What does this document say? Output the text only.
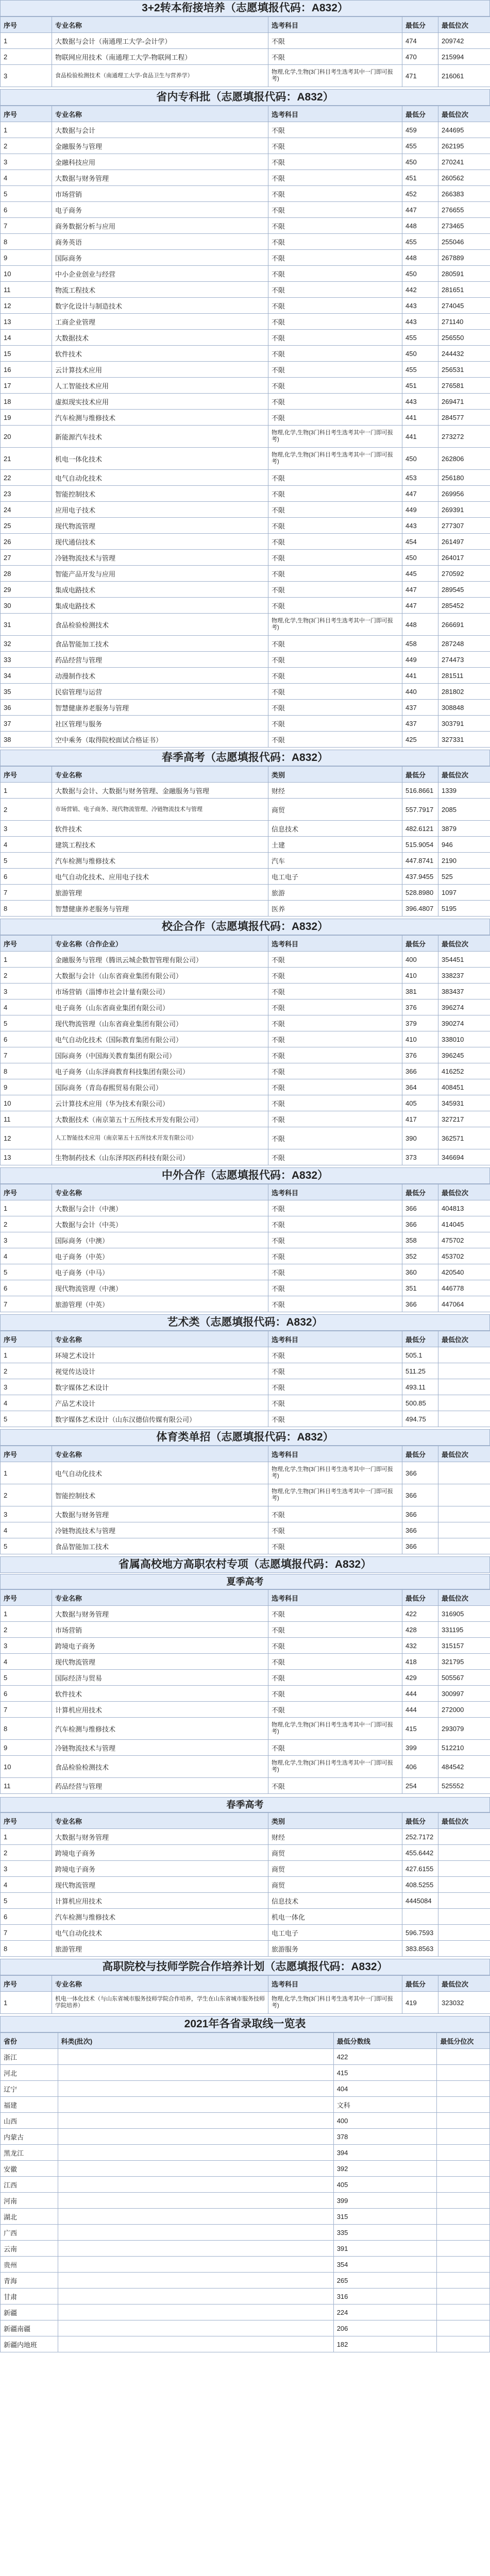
3+2转本衔接培养（志愿填报代码：A832）
序号	专业名称	选考科目	最低分	最低位次
1	大数据与会计（南通理工大学-会计学）	不限	474	209742
2	物联网应用技术（南通理工大学-物联网工程）	不限	470	215994
3	食品检验检测技术（南通理工大学-食品卫生与营养学）	物理,化学,生物(3门科目考生选考其中一门即可报考)	471	216061
省内专科批（志愿填报代码：A832）
序号	专业名称	选考科目	最低分	最低位次
1	大数据与会计	不限	459	244695
2	金融服务与管理	不限	455	262195
3	金融科技应用	不限	450	270241
4	大数据与财务管理	不限	451	260562
5	市场营销	不限	452	266383
6	电子商务	不限	447	276655
7	商务数据分析与应用	不限	448	273465
8	商务英语	不限	455	255046
9	国际商务	不限	448	267889
10	中小企业创业与经营	不限	450	280591
11	物流工程技术	不限	442	281651
12	数字化设计与制造技术	不限	443	274045
13	工商企业管理	不限	443	271140
14	大数据技术	不限	455	256550
15	软件技术	不限	450	244432
16	云计算技术应用	不限	455	256531
17	人工智能技术应用	不限	451	276581
18	虚拟现实技术应用	不限	443	269471
19	汽车检测与维修技术	不限	441	284577
20	新能源汽车技术	物理,化学,生物(3门科目考生选考其中一门即可报考)	441	273272
21	机电一体化技术	物理,化学,生物(3门科目考生选考其中一门即可报考)	450	262806
22	电气自动化技术	不限	453	256180
23	智能控制技术	不限	447	269956
24	应用电子技术	不限	449	269391
25	现代物流管理	不限	443	277307
26	现代通信技术	不限	454	261497
27	冷链物流技术与管理	不限	450	264017
28	智能产品开发与应用	不限	445	270592
29	集成电路技术	不限	447	289545
30	集成电路技术	不限	447	285452
31	食品检验检测技术	物理,化学,生物(3门科目考生选考其中一门即可报考)	448	266691
32	食品智能加工技术	不限	458	287248
33	药品经营与管理	不限	449	274473
34	动漫制作技术	不限	441	281511
35	民宿管理与运营	不限	440	281802
36	智慧健康养老服务与管理	不限	437	308848
37	社区管理与服务	不限	437	303791
38	空中乘务（取得院校面试合格证书）	不限	425	327331
春季高考（志愿填报代码：A832）
序号	专业名称	类别	最低分	最低位次
1	大数据与会计、大数据与财务管理、金融服务与管理	财经	516.8661	1339
2	市场营销、电子商务、现代物流管理、冷链物流技术与管理	商贸	557.7917	2085
3	软件技术	信息技术	482.6121	3879
4	建筑工程技术	土建	515.9054	946
5	汽车检测与维修技术	汽车	447.8741	2190
6	电气自动化技术、应用电子技术	电工电子	437.9455	525
7	旅游管理	旅游	528.8980	1097
8	智慧健康养老服务与管理	医养	396.4807	5195
校企合作（志愿填报代码：A832）
序号	专业名称（合作企业）	选考科目	最低分	最低位次
1	金融服务与管理（腾讯云城企数智管理有限公司）	不限	400	354451
2	大数据与会计（山东省商业集团有限公司）	不限	410	338237
3	市场营销（淄博市社会计量有限公司）	不限	381	383437
4	电子商务（山东省商业集团有限公司）	不限	376	396274
5	现代物流管理（山东省商业集团有限公司）	不限	379	390274
6	电气自动化技术（国际教育集团有限公司）	不限	410	338010
7	国际商务（中国海关教育集团有限公司）	不限	376	396245
8	电子商务（山东泽商教育科技集团有限公司）	不限	366	416252
9	国际商务（青岛春熙贸易有限公司）	不限	364	408451
10	云计算技术应用（华为技术有限公司）	不限	405	345931
11	大数据技术（南京第五十五所技术开发有限公司）	不限	417	327217
12	人工智能技术应用（南京第五十五所技术开发有限公司）	不限	390	362571
13	生物制药技术（山东泽邦医药科技有限公司）	不限	373	346694
中外合作（志愿填报代码：A832）
序号	专业名称	选考科目	最低分	最低位次
1	大数据与会计（中澳）	不限	366	404813
2	大数据与会计（中英）	不限	366	414045
3	国际商务（中澳）	不限	358	475702
4	电子商务（中英）	不限	352	453702
5	电子商务（中马）	不限	360	420540
6	现代物流管理（中澳）	不限	351	446778
7	旅游管理（中英）	不限	366	447064
艺术类（志愿填报代码：A832）
序号	专业名称	选考科目	最低分	最低位次
1	环境艺术设计	不限	505.1	
2	视觉传达设计	不限	511.25	
3	数字媒体艺术设计	不限	493.11	
4	产品艺术设计	不限	500.85	
5	数字媒体艺术设计（山东汉德信传媒有限公司）	不限	494.75	
体育类单招（志愿填报代码：A832）
序号	专业名称	选考科目	最低分	最低位次
1	电气自动化技术	物理,化学,生物(3门科目考生选考其中一门即可报考)	366	
2	智能控制技术	物理,化学,生物(3门科目考生选考其中一门即可报考)	366	
3	大数据与财务管理	不限	366	
4	冷链物流技术与管理	不限	366	
5	食品智能加工技术	不限	366	
省属高校地方高职农村专项（志愿填报代码：A832）
夏季高考
序号	专业名称	选考科目	最低分	最低位次
1	大数据与财务管理	不限	422	316905
2	市场营销	不限	428	331195
3	跨境电子商务	不限	432	315157
4	现代物流管理	不限	418	321795
5	国际经济与贸易	不限	429	505567
6	软件技术	不限	444	300997
7	计算机应用技术	不限	444	272000
8	汽车检测与维修技术	物理,化学,生物(3门科目考生选考其中一门即可报考)	415	293079
9	冷链物流技术与管理	不限	399	512210
10	食品检验检测技术	物理,化学,生物(3门科目考生选考其中一门即可报考)	406	484542
11	药品经营与管理	不限	254	525552
春季高考
序号	专业名称	类别	最低分	最低位次
1	大数据与财务管理	财经	252.7172	
2	跨境电子商务	商贸	455.6442	
3	跨境电子商务	商贸	427.6155	
4	现代物流管理	商贸	408.5255	
5	计算机应用技术	信息技术	4445084	
6	汽车检测与维修技术	机电一体化		
7	电气自动化技术	电工电子	596.7593	
8	旅游管理	旅游服务	383.8563	
高职院校与技师学院合作培养计划（志愿填报代码：A832）
序号	专业名称	选考科目	最低分	最低位次
1	机电一体化技术（与山东省城市服务技师学院合作培养，学生在山东省城市服务技师学院培养）	物理,化学,生物(3门科目考生选考其中一门即可报考)	419	323032
2021年各省录取线一览表
省份	科类(批次)	最低分数线	最低分位次
浙江		422	
河北		415	
辽宁		404	
福建		文科	
山西		400	
内蒙古		378	
黑龙江		394	
安徽		392	
江西		405	
河南		399	
湖北		315	
广西		335	
云南		391	
贵州		354	
青海		265	
甘肃		316	
新疆		224	
新疆南疆		206	
新疆内地班		182	
